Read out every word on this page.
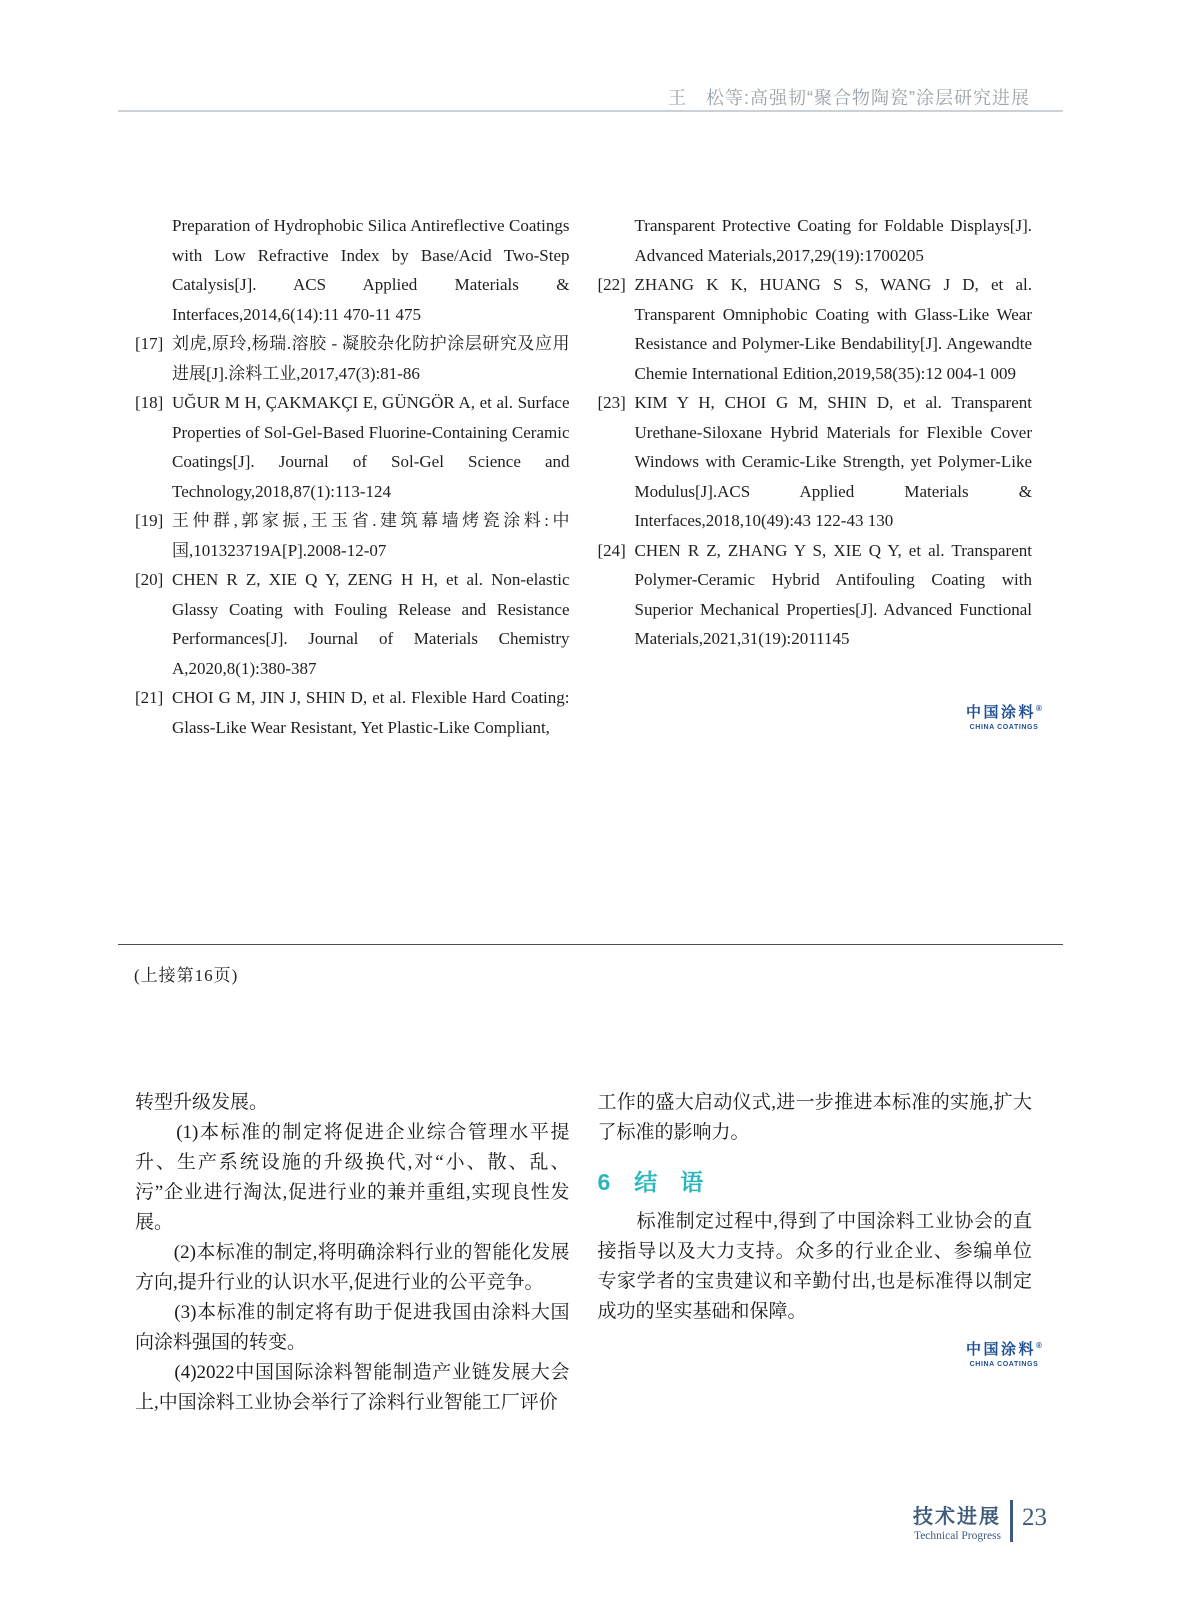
王　松等:高强韧“聚合物陶瓷”涂层研究进展
Preparation of Hydrophobic Silica Antireflective Coatings with Low Refractive Index by Base/Acid Two-Step Catalysis[J]. ACS Applied Materials & Interfaces,2014,6(14):11 470-11 475
[17] 刘虎,原玲,杨瑞.溶胶 - 凝胶杂化防护涂层研究及应用进展[J].涂料工业,2017,47(3):81-86
[18] UĞUR M H, ÇAKMAKÇI E, GÜNGÖR A, et al. Surface Properties of Sol-Gel-Based Fluorine-Containing Ceramic Coatings[J]. Journal of Sol-Gel Science and Technology,2018,87(1):113-124
[19] 王仲群,郭家振,王玉省.建筑幕墙烤瓷涂料:中国,101323719A[P].2008-12-07
[20] CHEN R Z, XIE Q Y, ZENG H H, et al. Non-elastic Glassy Coating with Fouling Release and Resistance Performances[J]. Journal of Materials Chemistry A,2020,8(1):380-387
[21] CHOI G M, JIN J, SHIN D, et al. Flexible Hard Coating: Glass-Like Wear Resistant, Yet Plastic-Like Compliant,
Transparent Protective Coating for Foldable Displays[J]. Advanced Materials,2017,29(19):1700205
[22] ZHANG K K, HUANG S S, WANG J D, et al. Transparent Omniphobic Coating with Glass-Like Wear Resistance and Polymer-Like Bendability[J]. Angewandte Chemie International Edition,2019,58(35):12 004-1 009
[23] KIM Y H, CHOI G M, SHIN D, et al. Transparent Urethane-Siloxane Hybrid Materials for Flexible Cover Windows with Ceramic-Like Strength, yet Polymer-Like Modulus[J].ACS Applied Materials & Interfaces,2018,10(49):43 122-43 130
[24] CHEN R Z, ZHANG Y S, XIE Q Y, et al. Transparent Polymer-Ceramic Hybrid Antifouling Coating with Superior Mechanical Properties[J]. Advanced Functional Materials,2021,31(19):2011145
中国涂料®
CHINA COATINGS
(上接第16页)

转型升级发展。

　　(1)本标准的制定将促进企业综合管理水平提升、生产系统设施的升级换代,对“小、散、乱、污”企业进行淘汰,促进行业的兼并重组,实现良性发展。

　　(2)本标准的制定,将明确涂料行业的智能化发展方向,提升行业的认识水平,促进行业的公平竞争。

　　(3)本标准的制定将有助于促进我国由涂料大国向涂料强国的转变。

　　(4)2022中国国际涂料智能制造产业链发展大会上,中国涂料工业协会举行了涂料行业智能工厂评价

工作的盛大启动仪式,进一步推进本标准的实施,扩大了标准的影响力。

6 结　语

　　标准制定过程中,得到了中国涂料工业协会的直接指导以及大力支持。众多的行业企业、参编单位专家学者的宝贵建议和辛勤付出,也是标准得以制定成功的坚实基础和保障。

中国涂料®
CHINA COATINGS
技术进展
Technical Progress
23
